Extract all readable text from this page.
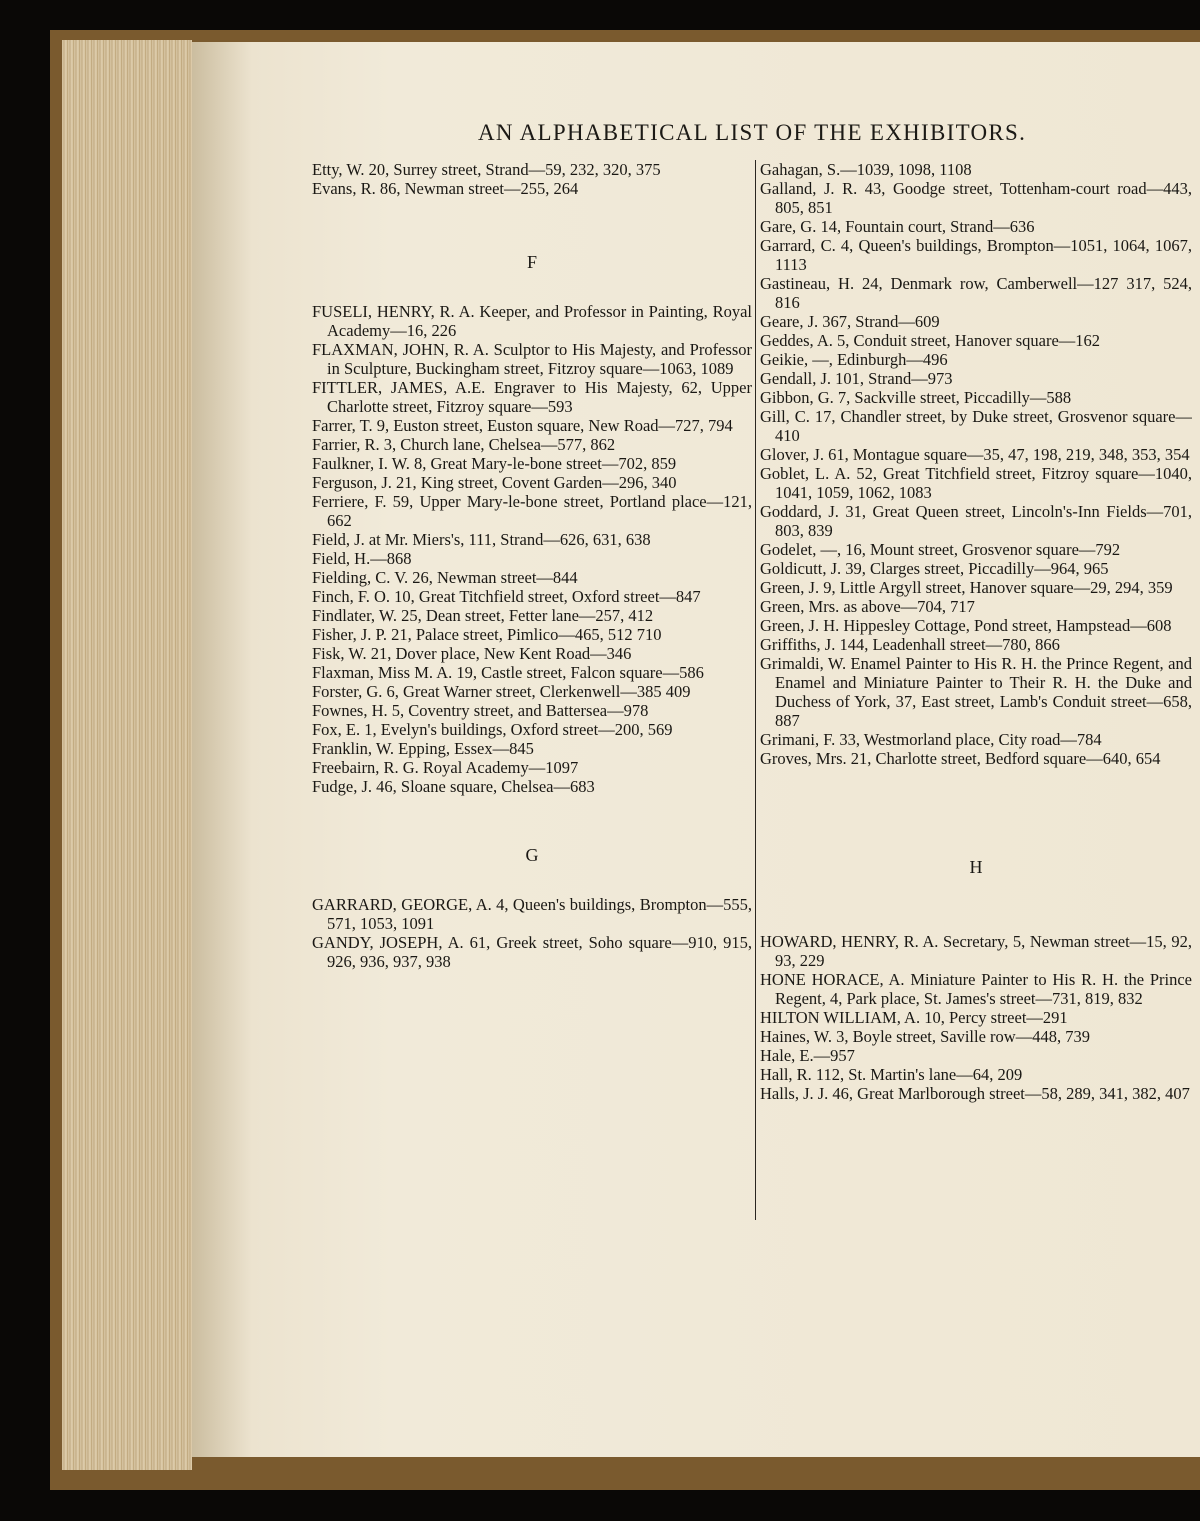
AN ALPHABETICAL LIST OF THE EXHIBITORS.
Etty, W. 20, Surrey street, Strand—59, 232, 320, 375
Evans, R. 86, Newman street—255, 264
F
FUSELI, HENRY, R. A. Keeper, and Professor in Painting, Royal Academy—16, 226
FLAXMAN, JOHN, R. A. Sculptor to His Majesty, and Professor in Sculpture, Buckingham street, Fitzroy square—1063, 1089
FITTLER, JAMES, A.E. Engraver to His Majesty, 62, Upper Charlotte street, Fitzroy square—593
Farrer, T. 9, Euston street, Euston square, New Road—727, 794
Farrier, R. 3, Church lane, Chelsea—577, 862
Faulkner, I. W. 8, Great Mary-le-bone street—702, 859
Ferguson, J. 21, King street, Covent Garden—296, 340
Ferriere, F. 59, Upper Mary-le-bone street, Portland place—121, 662
Field, J. at Mr. Miers's, 111, Strand—626, 631, 638
Field, H.—868
Fielding, C. V. 26, Newman street—844
Finch, F. O. 10, Great Titchfield street, Oxford street—847
Findlater, W. 25, Dean street, Fetter lane—257, 412
Fisher, J. P. 21, Palace street, Pimlico—465, 512 710
Fisk, W. 21, Dover place, New Kent Road—346
Flaxman, Miss M. A. 19, Castle street, Falcon square—586
Forster, G. 6, Great Warner street, Clerkenwell—385 409
Fownes, H. 5, Coventry street, and Battersea—978
Fox, E. 1, Evelyn's buildings, Oxford street—200, 569
Franklin, W. Epping, Essex—845
Freebairn, R. G. Royal Academy—1097
Fudge, J. 46, Sloane square, Chelsea—683
G
GARRARD, GEORGE, A. 4, Queen's buildings, Brompton—555, 571, 1053, 1091
GANDY, JOSEPH, A. 61, Greek street, Soho square—910, 915, 926, 936, 937, 938
Gahagan, S.—1039, 1098, 1108
Galland, J. R. 43, Goodge street, Tottenham-court road—443, 805, 851
Gare, G. 14, Fountain court, Strand—636
Garrard, C. 4, Queen's buildings, Brompton—1051, 1064, 1067, 1113
Gastineau, H. 24, Denmark row, Camberwell—127 317, 524, 816
Geare, J. 367, Strand—609
Geddes, A. 5, Conduit street, Hanover square—162
Geikie, —, Edinburgh—496
Gendall, J. 101, Strand—973
Gibbon, G. 7, Sackville street, Piccadilly—588
Gill, C. 17, Chandler street, by Duke street, Grosvenor square—410
Glover, J. 61, Montague square—35, 47, 198, 219, 348, 353, 354
Goblet, L. A. 52, Great Titchfield street, Fitzroy square—1040, 1041, 1059, 1062, 1083
Goddard, J. 31, Great Queen street, Lincoln's-Inn Fields—701, 803, 839
Godelet, —, 16, Mount street, Grosvenor square—792
Goldicutt, J. 39, Clarges street, Piccadilly—964, 965
Green, J. 9, Little Argyll street, Hanover square—29, 294, 359
Green, Mrs. as above—704, 717
Green, J. H. Hippesley Cottage, Pond street, Hampstead—608
Griffiths, J. 144, Leadenhall street—780, 866
Grimaldi, W. Enamel Painter to His R. H. the Prince Regent, and Enamel and Miniature Painter to Their R. H. the Duke and Duchess of York, 37, East street, Lamb's Conduit street—658, 887
Grimani, F. 33, Westmorland place, City road—784
Groves, Mrs. 21, Charlotte street, Bedford square—640, 654
H
HOWARD, HENRY, R. A. Secretary, 5, Newman street—15, 92, 93, 229
HONE HORACE, A. Miniature Painter to His R. H. the Prince Regent, 4, Park place, St. James's street—731, 819, 832
HILTON WILLIAM, A. 10, Percy street—291
Haines, W. 3, Boyle street, Saville row—448, 739
Hale, E.—957
Hall, R. 112, St. Martin's lane—64, 209
Halls, J. J. 46, Great Marlborough street—58, 289, 341, 382, 407
